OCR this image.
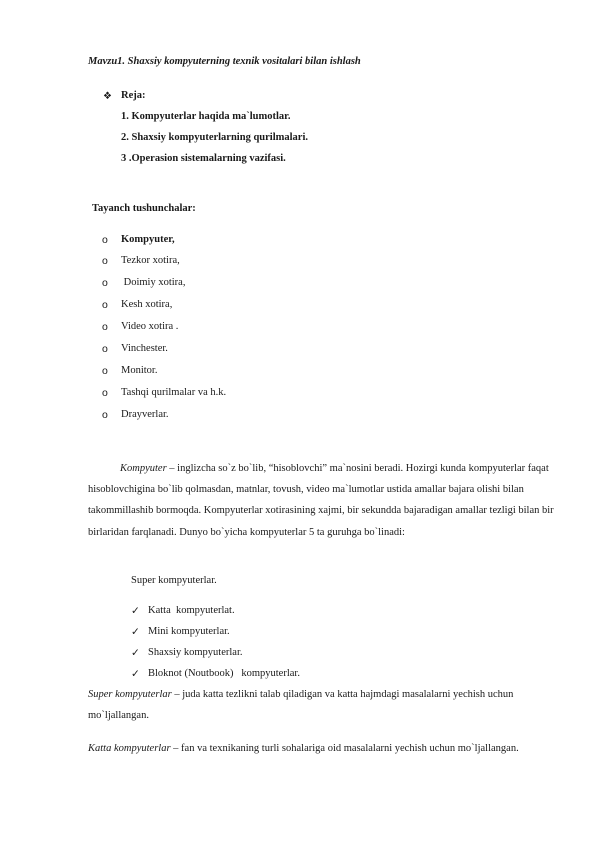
Mavzu1. Shaxsiy kompyuterning texnik vositalari bilan ishlash
❖ Reja:
1. Kompyuterlar haqida ma`lumotlar.
2. Shaxsiy kompyuterlarning qurilmalari.
3 .Operasion sistemalarning vazifasi.
Tayanch tushunchalar:
o Kompyuter,
o Tezkor xotira,
o Doimiy xotira,
o Kesh xotira,
o Video xotira .
o Vinchester.
o Monitor.
o Tashqi qurilmalar va h.k.
o Drayverlar.
Kompyuter – inglizcha so`z bo`lib, “hisoblovchi” ma`nosini beradi. Hozirgi kunda kompyuterlar faqat hisoblovchigina bo`lib qolmasdan, matnlar, tovush, video ma`lumotlar ustida amallar bajara olishi bilan takommillashib bormoqda. Kompyuterlar xotirasining xajmi, bir sekundda bajaradigan amallar tezligi bilan bir birlaridan farqlanadi. Dunyo bo`yicha kompyuterlar 5 ta guruhga bo`linadi:
Super kompyuterlar.
✓ Katta  kompyuterlat.
✓ Mini kompyuterlar.
✓ Shaxsiy kompyuterlar.
✓ Bloknot (Noutbook)   kompyuterlar.
Super kompyuterlar – juda katta tezlikni talab qiladigan va katta hajmdagi masalalarni yechish uchun mo`ljallangan.
Katta kompyuterlar – fan va texnikaning turli sohalariga oid masalalarni yechish uchun mo`ljallangan.
